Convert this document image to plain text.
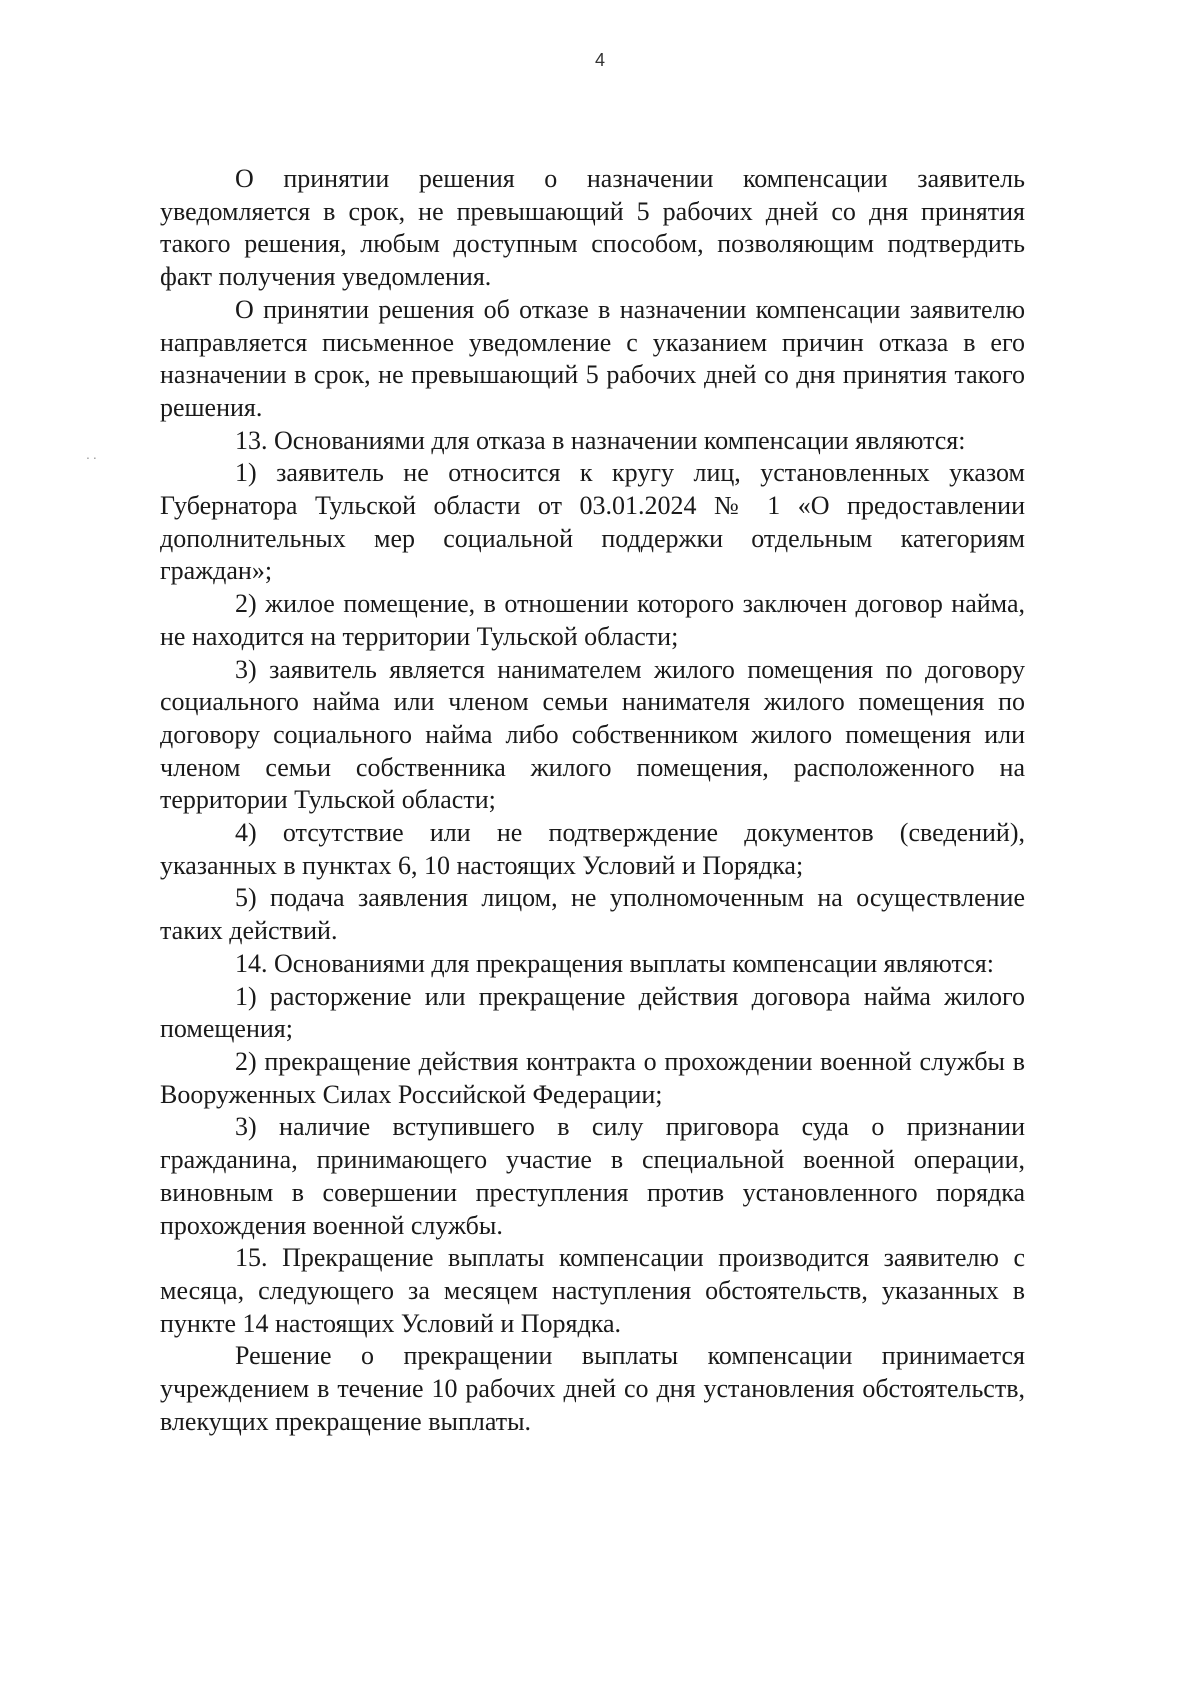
4
..

О принятии решения о назначении компенсации заявитель уведомляется в срок, не превышающий 5 рабочих дней со дня принятия такого решения, любым доступным способом, позволяющим подтвердить факт получения уведомления.

О принятии решения об отказе в назначении компенсации заявителю направляется письменное уведомление с указанием причин отказа в его назначении в срок, не превышающий 5 рабочих дней со дня принятия такого решения.

13. Основаниями для отказа в назначении компенсации являются:

1) заявитель не относится к кругу лиц, установленных указом Губернатора Тульской области от 03.01.2024 № 1 «О предоставлении дополнительных мер социальной поддержки отдельным категориям граждан»;

2) жилое помещение, в отношении которого заключен договор найма, не находится на территории Тульской области;

3) заявитель является нанимателем жилого помещения по договору социального найма или членом семьи нанимателя жилого помещения по договору социального найма либо собственником жилого помещения или членом семьи собственника жилого помещения, расположенного на территории Тульской области;

4) отсутствие или не подтверждение документов (сведений), указанных в пунктах 6, 10 настоящих Условий и Порядка;

5) подача заявления лицом, не уполномоченным на осуществление таких действий.

14. Основаниями для прекращения выплаты компенсации являются:

1) расторжение или прекращение действия договора найма жилого помещения;

2) прекращение действия контракта о прохождении военной службы в Вооруженных Силах Российской Федерации;

3) наличие вступившего в силу приговора суда о признании гражданина, принимающего участие в специальной военной операции, виновным в совершении преступления против установленного порядка прохождения военной службы.

15. Прекращение выплаты компенсации производится заявителю с месяца, следующего за месяцем наступления обстоятельств, указанных в пункте 14 настоящих Условий и Порядка.

Решение о прекращении выплаты компенсации принимается учреждением в течение 10 рабочих дней со дня установления обстоятельств, влекущих прекращение выплаты.
